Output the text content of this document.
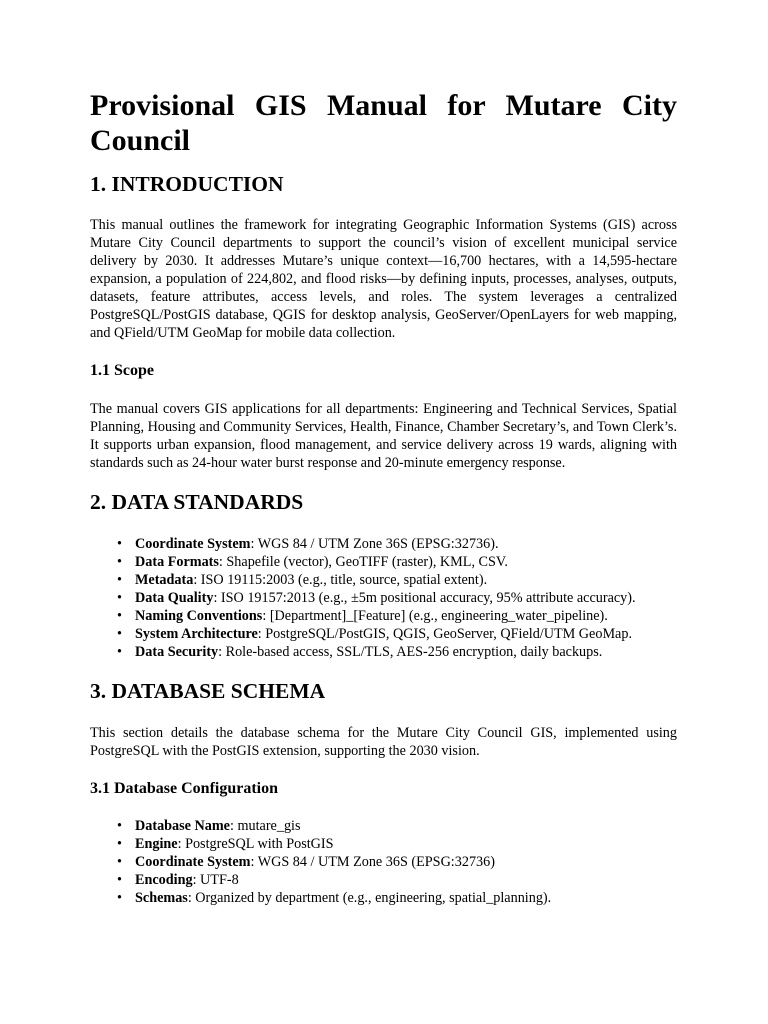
Provisional GIS Manual for Mutare City Council
1. INTRODUCTION

This manual outlines the framework for integrating Geographic Information Systems (GIS) across Mutare City Council departments to support the council’s vision of excellent municipal service delivery by 2030. It addresses Mutare’s unique context—16,700 hectares, with a 14,595-hectare expansion, a population of 224,802, and flood risks—by defining inputs, processes, analyses, outputs, datasets, feature attributes, access levels, and roles. The system leverages a centralized PostgreSQL/PostGIS database, QGIS for desktop analysis, GeoServer/OpenLayers for web mapping, and QField/UTM GeoMap for mobile data collection.

1.1 Scope

The manual covers GIS applications for all departments: Engineering and Technical Services, Spatial Planning, Housing and Community Services, Health, Finance, Chamber Secretary’s, and Town Clerk’s. It supports urban expansion, flood management, and service delivery across 19 wards, aligning with standards such as 24-hour water burst response and 20-minute emergency response.

2. DATA STANDARDS
• Coordinate System: WGS 84 / UTM Zone 36S (EPSG:32736).
• Data Formats: Shapefile (vector), GeoTIFF (raster), KML, CSV.
• Metadata: ISO 19115:2003 (e.g., title, source, spatial extent).
• Data Quality: ISO 19157:2013 (e.g., ±5m positional accuracy, 95% attribute accuracy).
• Naming Conventions: [Department]_[Feature] (e.g., engineering_water_pipeline).
• System Architecture: PostgreSQL/PostGIS, QGIS, GeoServer, QField/UTM GeoMap.
• Data Security: Role-based access, SSL/TLS, AES-256 encryption, daily backups.
3. DATABASE SCHEMA

This section details the database schema for the Mutare City Council GIS, implemented using PostgreSQL with the PostGIS extension, supporting the 2030 vision.

3.1 Database Configuration
• Database Name: mutare_gis
• Engine: PostgreSQL with PostGIS
• Coordinate System: WGS 84 / UTM Zone 36S (EPSG:32736)
• Encoding: UTF-8
• Schemas: Organized by department (e.g., engineering, spatial_planning).
